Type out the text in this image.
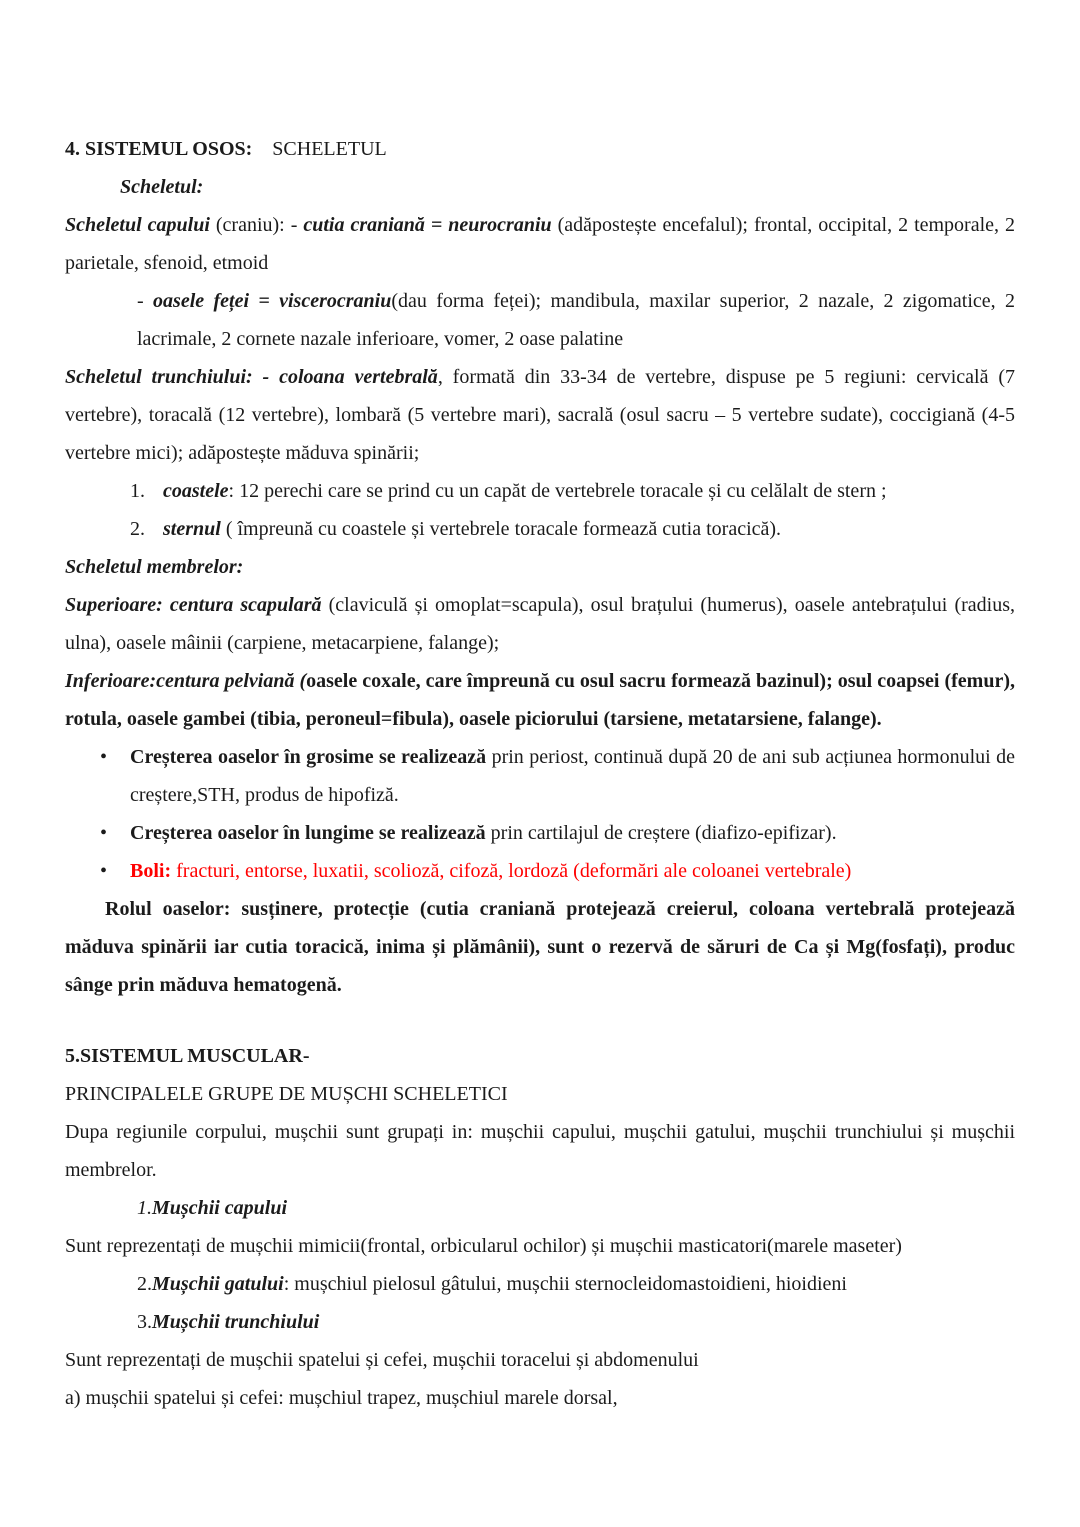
4. SISTEMUL OSOS:    SCHELETUL

Scheletul:

Scheletul capului (craniu): - cutia craniană = neurocraniu (adăpostește encefalul); frontal, occipital, 2 temporale, 2 parietale, sfenoid, etmoid

- oasele feței = viscerocraniu(dau forma feței); mandibula, maxilar superior, 2 nazale, 2 zigomatice, 2 lacrimale, 2 cornete nazale inferioare, vomer, 2 oase palatine

Scheletul trunchiului: - coloana vertebrală, formată din 33-34 de vertebre, dispuse pe 5 regiuni: cervicală (7 vertebre), toracală (12 vertebre), lombară (5 vertebre mari), sacrală (osul sacru – 5 vertebre sudate), coccigiană (4-5 vertebre mici); adăpostește măduva spinării;

1. coastele: 12 perechi care se prind cu un capăt de vertebrele toracale și cu celălalt de stern ;

2. sternul ( împreună cu coastele și vertebrele toracale formează cutia toracică).

Scheletul membrelor:

Superioare: centura scapulară (claviculă și omoplat=scapula), osul brațului (humerus), oasele antebrațului (radius, ulna), oasele mâinii (carpiene, metacarpiene, falange);

Inferioare:centura pelviană (oasele coxale, care împreună cu osul sacru formează bazinul); osul coapsei (femur), rotula, oasele gambei (tibia, peroneul=fibula), oasele piciorului (tarsiene, metatarsiene, falange).

• Creșterea oaselor în grosime se realizează prin periost, continuă după 20 de ani sub acțiunea hormonului de creștere,STH, produs de hipofiză.

• Creșterea oaselor în lungime se realizează prin cartilajul de creștere (diafizo-epifizar).

• Boli: fracturi, entorse, luxatii, scolioză, cifoză, lordoză (deformări ale coloanei vertebrale)

Rolul oaselor: susținere, protecție (cutia craniană protejează creierul, coloana vertebrală protejează măduva spinării iar cutia toracică, inima și plămânii), sunt o rezervă de săruri de Ca și Mg(fosfați), produc sânge prin măduva hematogenă.

5.SISTEMUL MUSCULAR-

PRINCIPALELE GRUPE DE MUȘCHI SCHELETICI

Dupa regiunile corpului, mușchii sunt grupați in: mușchii capului, mușchii gatului, mușchii trunchiului și mușchii membrelor.

1.Mușchii capului

Sunt reprezentați de mușchii mimicii(frontal, orbicularul ochilor) și mușchii masticatori(marele maseter)

2.Mușchii gatului: mușchiul pielosul gâtului, mușchii sternocleidomastoidieni, hioidieni

3.Mușchii trunchiului

Sunt reprezentați de mușchii spatelui și cefei, mușchii toracelui și abdomenului

a) mușchii spatelui și cefei: mușchiul trapez, mușchiul marele dorsal,
